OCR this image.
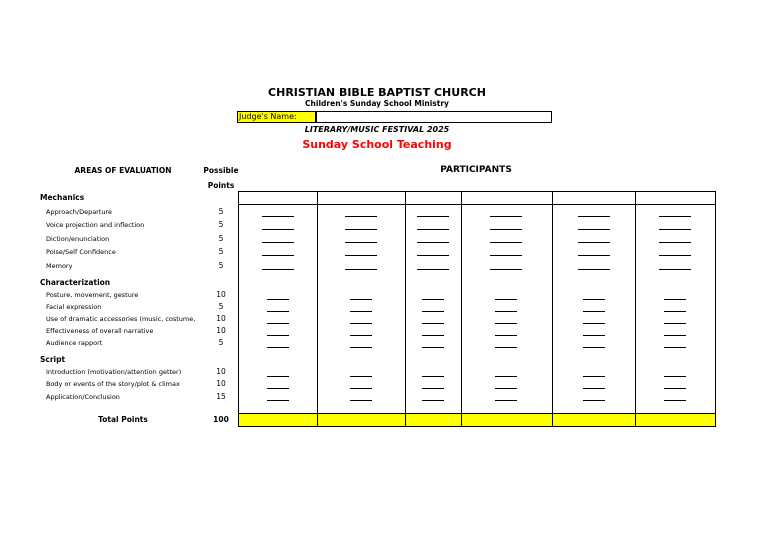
CHRISTIAN BIBLE BAPTIST CHURCH
Children's Sunday School Ministry
Judge's Name:
LITERARY/MUSIC FESTIVAL 2025
Sunday School Teaching
AREAS OF EVALUATION	Possible
Points
PARTICIPANTS
Mechanics
Approach/Departure
Voice projection and inflection
Diction/enunciation
Poise/Self Confidence
Memory
5
5
5
5
5
Characterization
Posture, movement, gesture
Facial expression
Use of dramatic accessories (music, costume,
Effectiveness of overall narrative
Audience rapport
10
5
10
10
5
Script
Introduction (motivation/attention getter)
Body or events of the story/plot & climax
Application/Conclusion
10
10
15
Total Points	100
